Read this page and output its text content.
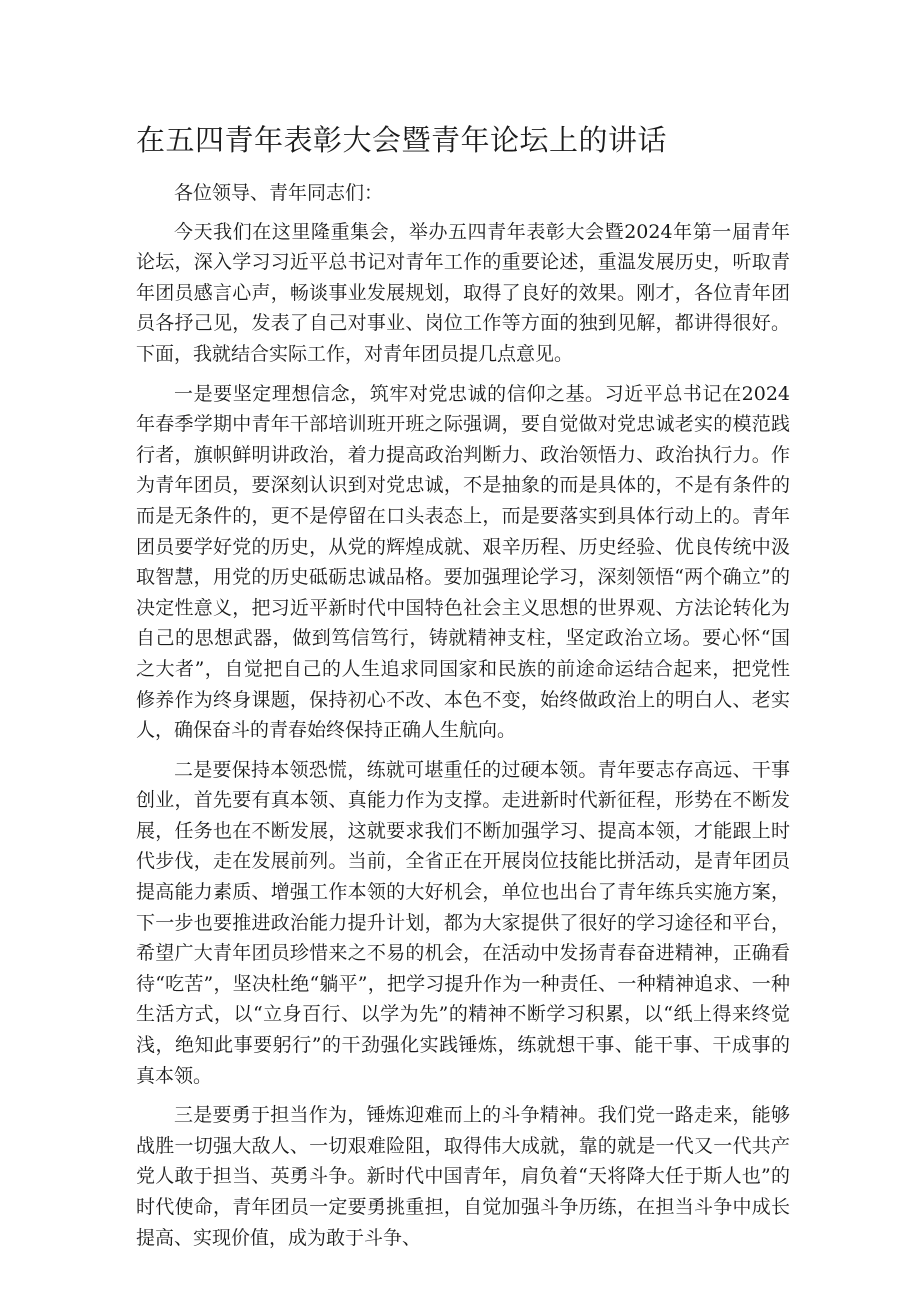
在五四青年表彰大会暨青年论坛上的讲话

各位领导、青年同志们：

今天我们在这里隆重集会，举办五四青年表彰大会暨2024年第一届青年论坛，深入学习习近平总书记对青年工作的重要论述，重温发展历史，听取青年团员感言心声，畅谈事业发展规划，取得了良好的效果。刚才，各位青年团员各抒己见，发表了自己对事业、岗位工作等方面的独到见解，都讲得很好。下面，我就结合实际工作，对青年团员提几点意见。

一是要坚定理想信念，筑牢对党忠诚的信仰之基。习近平总书记在2024年春季学期中青年干部培训班开班之际强调，要自觉做对党忠诚老实的模范践行者，旗帜鲜明讲政治，着力提高政治判断力、政治领悟力、政治执行力。作为青年团员，要深刻认识到对党忠诚，不是抽象的而是具体的，不是有条件的而是无条件的，更不是停留在口头表态上，而是要落实到具体行动上的。青年团员要学好党的历史，从党的辉煌成就、艰辛历程、历史经验、优良传统中汲取智慧，用党的历史砥砺忠诚品格。要加强理论学习，深刻领悟“两个确立”的决定性意义，把习近平新时代中国特色社会主义思想的世界观、方法论转化为自己的思想武器，做到笃信笃行，铸就精神支柱，坚定政治立场。要心怀“国之大者”，自觉把自己的人生追求同国家和民族的前途命运结合起来，把党性修养作为终身课题，保持初心不改、本色不变，始终做政治上的明白人、老实人，确保奋斗的青春始终保持正确人生航向。

二是要保持本领恐慌，练就可堪重任的过硬本领。青年要志存高远、干事创业，首先要有真本领、真能力作为支撑。走进新时代新征程，形势在不断发展，任务也在不断发展，这就要求我们不断加强学习、提高本领，才能跟上时代步伐，走在发展前列。当前，全省正在开展岗位技能比拼活动，是青年团员提高能力素质、增强工作本领的大好机会，单位也出台了青年练兵实施方案，下一步也要推进政治能力提升计划，都为大家提供了很好的学习途径和平台，希望广大青年团员珍惜来之不易的机会，在活动中发扬青春奋进精神，正确看待“吃苦”，坚决杜绝“躺平”，把学习提升作为一种责任、一种精神追求、一种生活方式，以“立身百行、以学为先”的精神不断学习积累，以“纸上得来终觉浅，绝知此事要躬行”的干劲强化实践锤炼，练就想干事、能干事、干成事的真本领。

三是要勇于担当作为，锤炼迎难而上的斗争精神。我们党一路走来，能够战胜一切强大敌人、一切艰难险阻，取得伟大成就，靠的就是一代又一代共产党人敢于担当、英勇斗争。新时代中国青年，肩负着“天将降大任于斯人也”的时代使命，青年团员一定要勇挑重担，自觉加强斗争历练，在担当斗争中成长提高、实现价值，成为敢于斗争、
